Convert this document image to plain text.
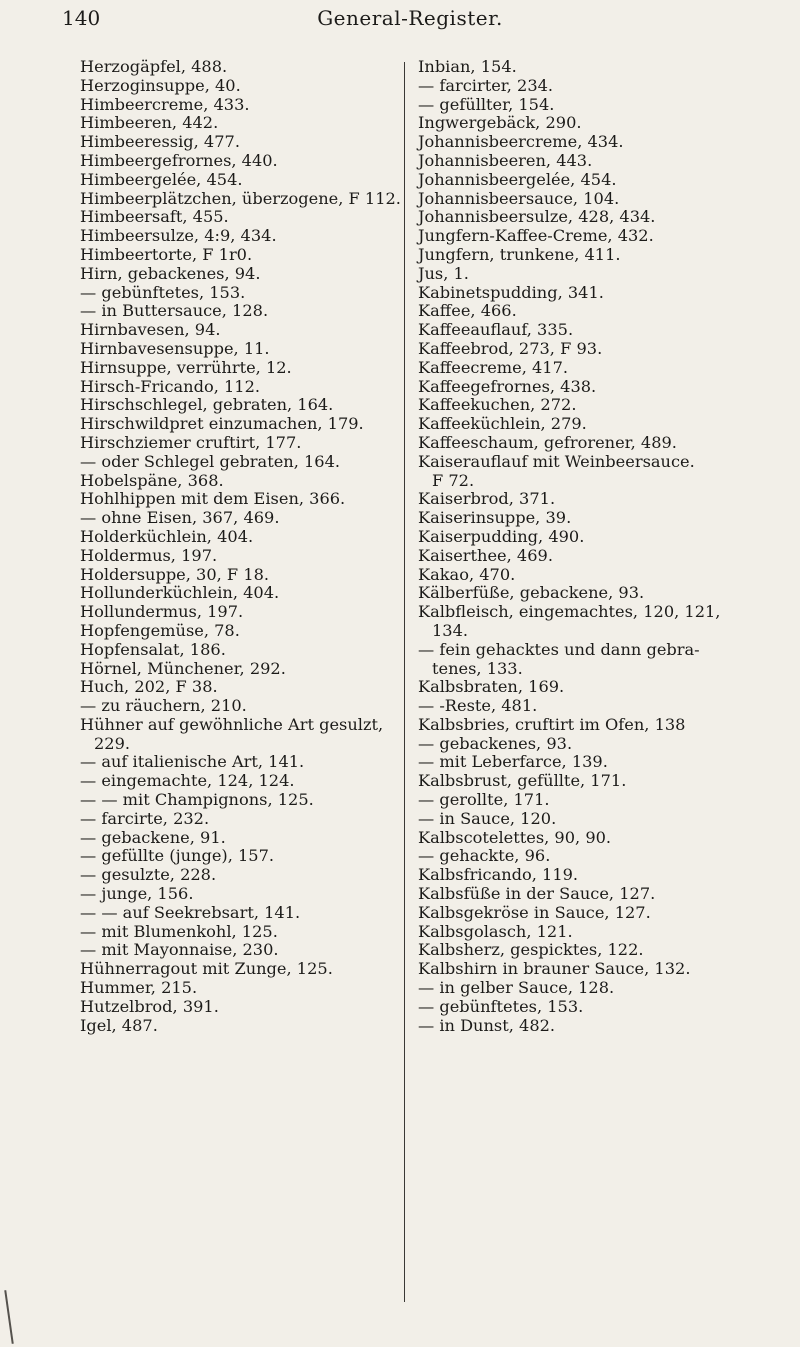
140	General-Register.
Herzogäpfel, 488.
Herzoginsuppe, 40.
Himbeercreme, 433.
Himbeeren, 442.
Himbeeressig, 477.
Himbeergefrornes, 440.
Himbeergelée, 454.
Himbeerplätzchen, überzogene, F 112.
Himbeersaft, 455.
Himbeersulze, 4:9, 434.
Himbeertorte, F 1r0.
Hirn, gebackenes, 94.
— gebünftetes, 153.
— in Buttersauce, 128.
Hirnbavesen, 94.
Hirnbavesensuppe, 11.
Hirnsuppe, verrührte, 12.
Hirsch-Fricando, 112.
Hirschschlegel, gebraten, 164.
Hirschwildpret einzumachen, 179.
Hirschziemer cruftirt, 177.
— oder Schlegel gebraten, 164.
Hobelspäne, 368.
Hohlhippen mit dem Eisen, 366.
— ohne Eisen, 367, 469.
Holderküchlein, 404.
Holdermus, 197.
Holdersuppe, 30, F 18.
Hollunderküchlein, 404.
Hollundermus, 197.
Hopfengemüse, 78.
Hopfensalat, 186.
Hörnel, Münchener, 292.
Huch, 202, F 38.
— zu räuchern, 210.
Hühner auf gewöhnliche Art gesulzt,
229.
— auf italienische Art, 141.
— eingemachte, 124, 124.
— — mit Champignons, 125.
— farcirte, 232.
— gebackene, 91.
— gefüllte (junge), 157.
— gesulzte, 228.
— junge, 156.
— — auf Seekrebsart, 141.
— mit Blumenkohl, 125.
— mit Mayonnaise, 230.
Hühnerragout mit Zunge, 125.
Hummer, 215.
Hutzelbrod, 391.
Igel, 487.
Inbian, 154.
— farcirter, 234.
— gefüllter, 154.
Ingwergebäck, 290.
Johannisbeercreme, 434.
Johannisbeeren, 443.
Johannisbeergelée, 454.
Johannisbeersauce, 104.
Johannisbeersulze, 428, 434.
Jungfern-Kaffee-Creme, 432.
Jungfern, trunkene, 411.
Jus, 1.
Kabinetspudding, 341.
Kaffee, 466.
Kaffeeauflauf, 335.
Kaffeebrod, 273, F 93.
Kaffeecreme, 417.
Kaffeegefrornes, 438.
Kaffeekuchen, 272.
Kaffeeküchlein, 279.
Kaffeeschaum, gefrorener, 489.
Kaiserauflauf mit Weinbeersauce.
F 72.
Kaiserbrod, 371.
Kaiserinsuppe, 39.
Kaiserpudding, 490.
Kaiserthee, 469.
Kakao, 470.
Kälberfüße, gebackene, 93.
Kalbfleisch, eingemachtes, 120, 121,
134.
— fein gehacktes und dann gebra-
tenes, 133.
Kalbsbraten, 169.
— -Reste, 481.
Kalbsbries, cruftirt im Ofen, 138
— gebackenes, 93.
— mit Leberfarce, 139.
Kalbsbrust, gefüllte, 171.
— gerollte, 171.
— in Sauce, 120.
Kalbscotelettes, 90, 90.
— gehackte, 96.
Kalbsfricando, 119.
Kalbsfüße in der Sauce, 127.
Kalbsgekröse in Sauce, 127.
Kalbsgolasch, 121.
Kalbsherz, gespicktes, 122.
Kalbshirn in brauner Sauce, 132.
— in gelber Sauce, 128.
— gebünftetes, 153.
— in Dunst, 482.
